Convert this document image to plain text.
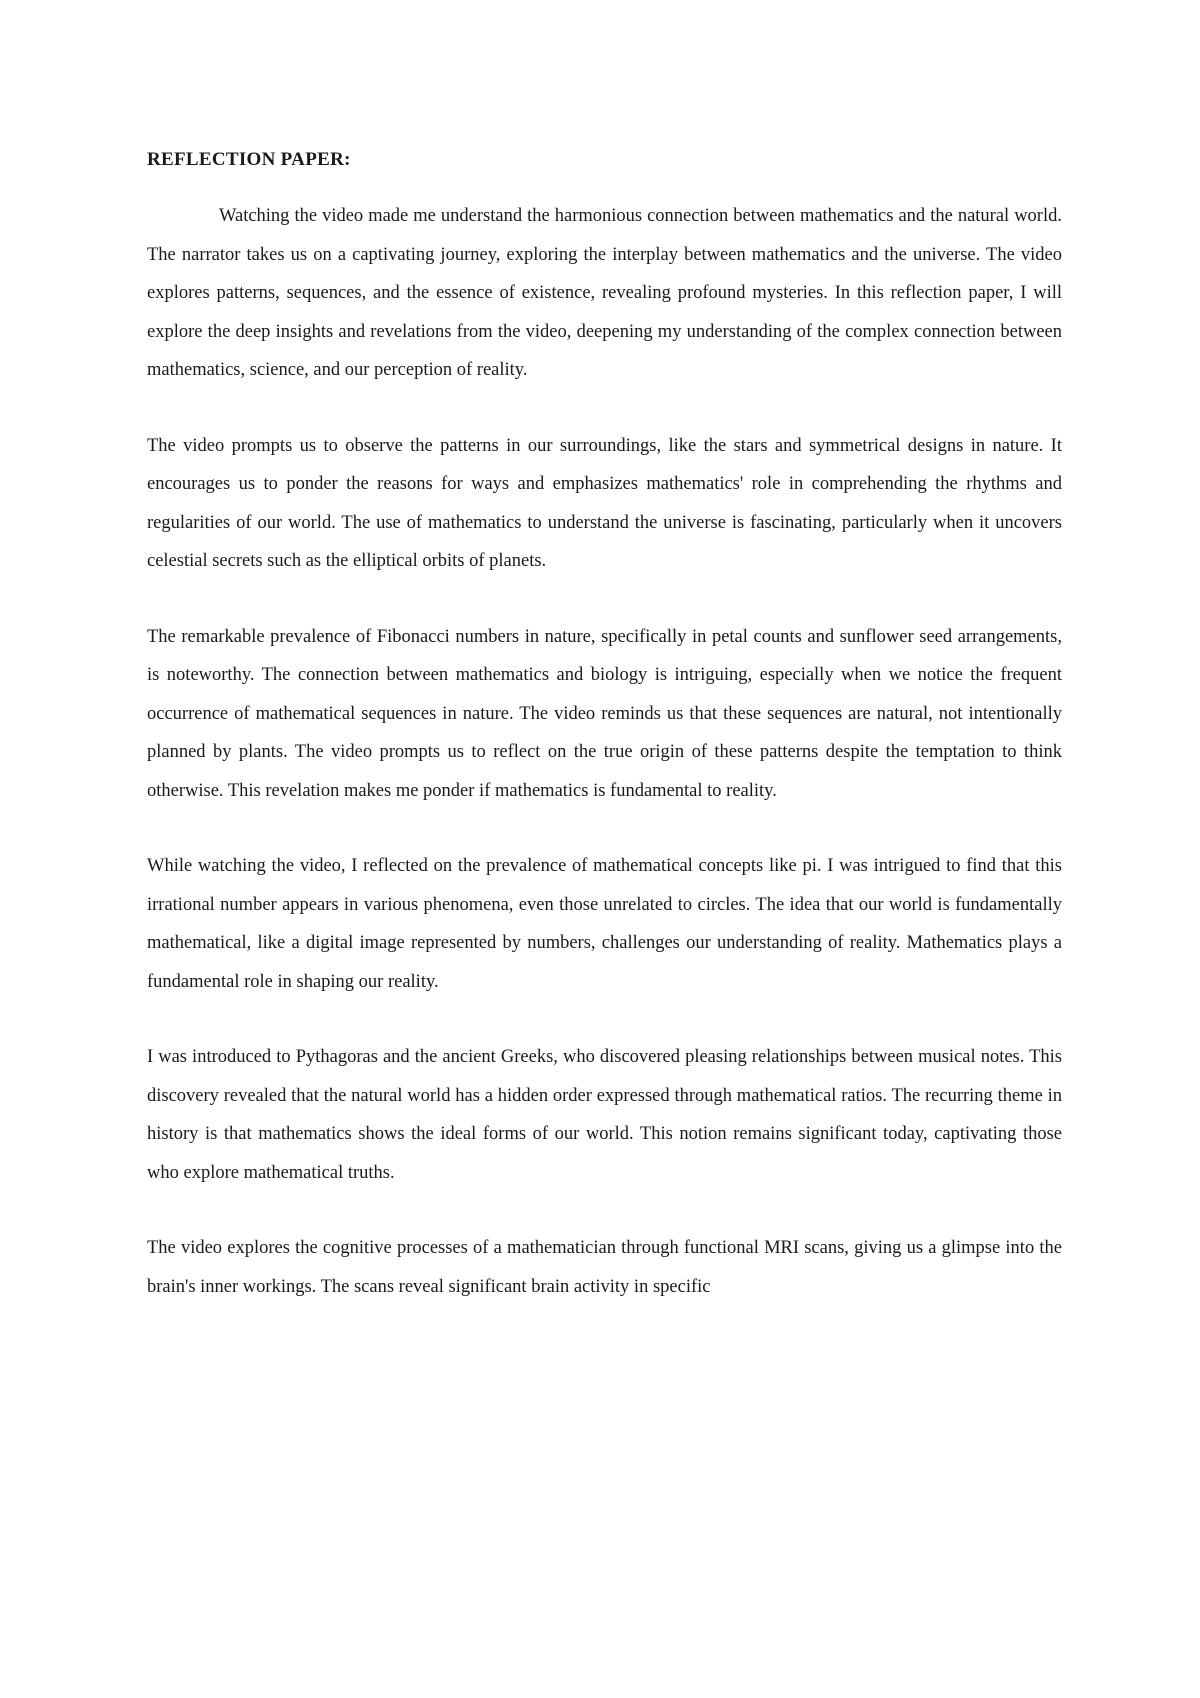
REFLECTION PAPER:

Watching the video made me understand the harmonious connection between mathematics and the natural world. The narrator takes us on a captivating journey, exploring the interplay between mathematics and the universe. The video explores patterns, sequences, and the essence of existence, revealing profound mysteries. In this reflection paper, I will explore the deep insights and revelations from the video, deepening my understanding of the complex connection between mathematics, science, and our perception of reality.

The video prompts us to observe the patterns in our surroundings, like the stars and symmetrical designs in nature. It encourages us to ponder the reasons for ways and emphasizes mathematics' role in comprehending the rhythms and regularities of our world. The use of mathematics to understand the universe is fascinating, particularly when it uncovers celestial secrets such as the elliptical orbits of planets.

The remarkable prevalence of Fibonacci numbers in nature, specifically in petal counts and sunflower seed arrangements, is noteworthy. The connection between mathematics and biology is intriguing, especially when we notice the frequent occurrence of mathematical sequences in nature. The video reminds us that these sequences are natural, not intentionally planned by plants. The video prompts us to reflect on the true origin of these patterns despite the temptation to think otherwise. This revelation makes me ponder if mathematics is fundamental to reality.

While watching the video, I reflected on the prevalence of mathematical concepts like pi. I was intrigued to find that this irrational number appears in various phenomena, even those unrelated to circles. The idea that our world is fundamentally mathematical, like a digital image represented by numbers, challenges our understanding of reality. Mathematics plays a fundamental role in shaping our reality.

I was introduced to Pythagoras and the ancient Greeks, who discovered pleasing relationships between musical notes. This discovery revealed that the natural world has a hidden order expressed through mathematical ratios. The recurring theme in history is that mathematics shows the ideal forms of our world. This notion remains significant today, captivating those who explore mathematical truths.

The video explores the cognitive processes of a mathematician through functional MRI scans, giving us a glimpse into the brain's inner workings. The scans reveal significant brain activity in specific
